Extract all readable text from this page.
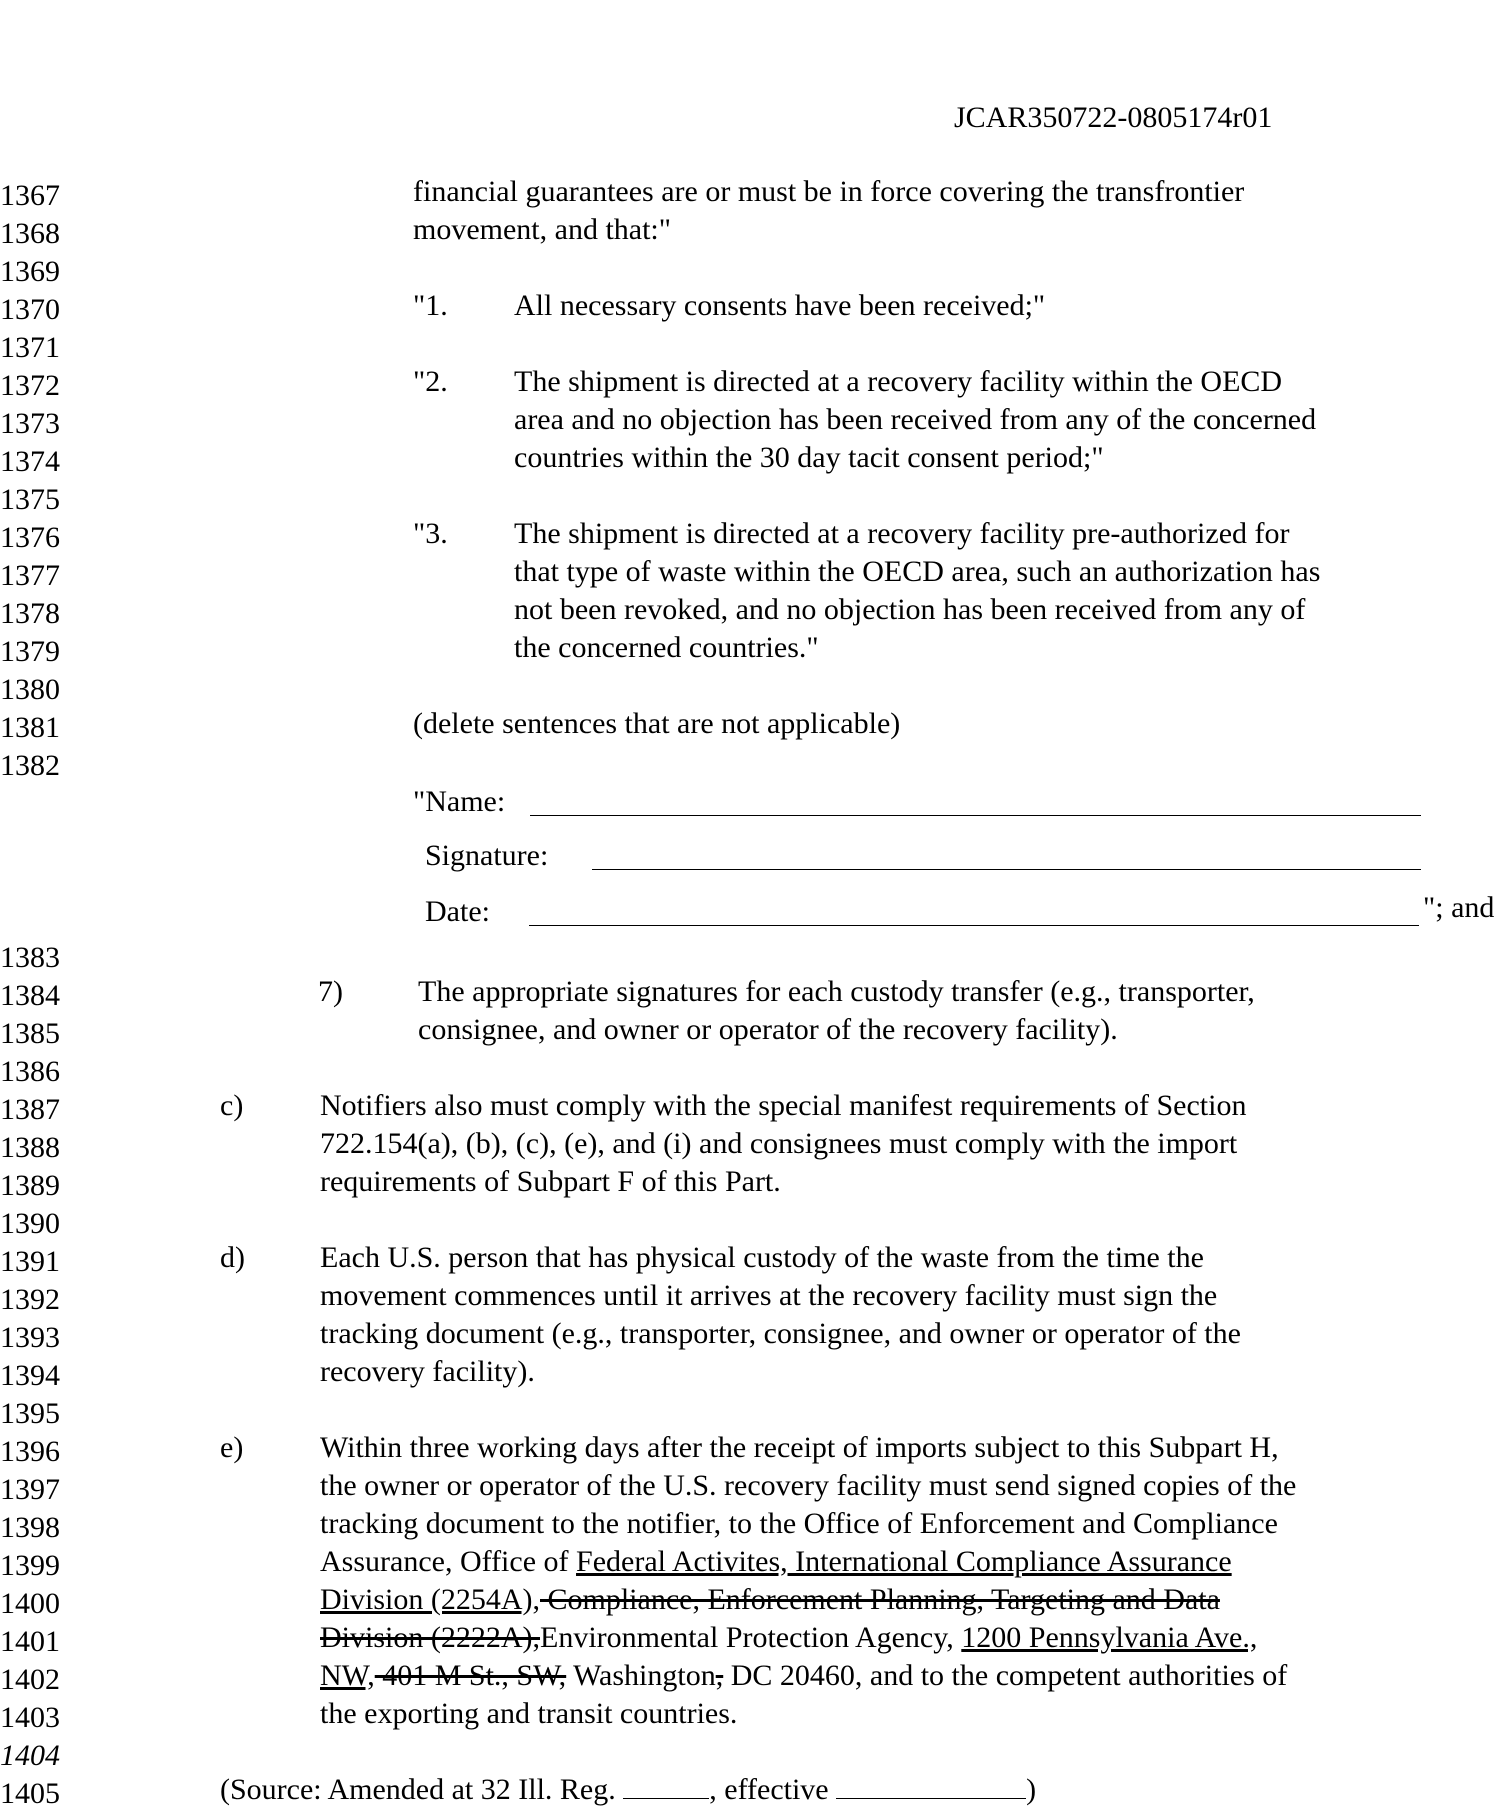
JCAR350722-0805174r01
1367
1368
1369
1370
1371
1372
1373
1374
1375
1376
1377
1378
1379
1380
1381
1382
1383
1384
1385
1386
1387
1388
1389
1390
1391
1392
1393
1394
1395
1396
1397
1398
1399
1400
1401
1402
1403
1404
1405
financial guarantees are or must be in force covering the transfrontier
movement, and that:"
"1. All necessary consents have been received;"
"2. The shipment is directed at a recovery facility within the OECD
area and no objection has been received from any of the concerned
countries within the 30 day tacit consent period;"
"3. The shipment is directed at a recovery facility pre-authorized for
that type of waste within the OECD area, such an authorization has
not been revoked, and no objection has been received from any of
the concerned countries."
(delete sentences that are not applicable)
"Name:
Signature:
Date:	"; and
7)	The appropriate signatures for each custody transfer (e.g., transporter,
consignee, and owner or operator of the recovery facility).
c)	Notifiers also must comply with the special manifest requirements of Section
722.154(a), (b), (c), (e), and (i) and consignees must comply with the import
requirements of Subpart F of this Part.
d)	Each U.S. person that has physical custody of the waste from the time the
movement commences until it arrives at the recovery facility must sign the
tracking document (e.g., transporter, consignee, and owner or operator of the
recovery facility).
e)	Within three working days after the receipt of imports subject to this Subpart H,
the owner or operator of the U.S. recovery facility must send signed copies of the
tracking document to the notifier, to the Office of Enforcement and Compliance
Assurance, Office of Federal Activites, International Compliance Assurance
Division (2254A), Compliance, Enforcement Planning, Targeting and Data
Division (2222A),Environmental Protection Agency, 1200 Pennsylvania Ave.,
NW, 401 M St., SW, Washington, DC 20460, and to the competent authorities of
the exporting and transit countries.
(Source: Amended at 32 Ill. Reg.	, effective	)
